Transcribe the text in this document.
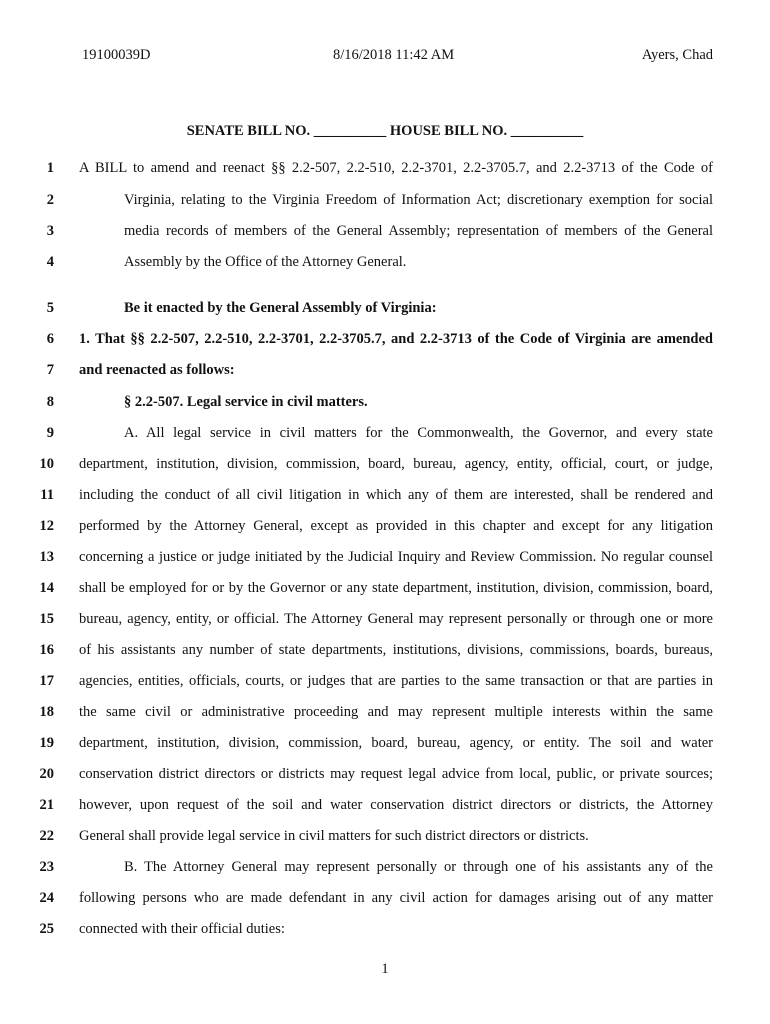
19100039D	8/16/2018 11:42 AM	Ayers, Chad
SENATE BILL NO. __________ HOUSE BILL NO. __________
1 A BILL to amend and reenact §§ 2.2-507, 2.2-510, 2.2-3701, 2.2-3705.7, and 2.2-3713 of the Code of
2	Virginia, relating to the Virginia Freedom of Information Act; discretionary exemption for social
3	media records of members of the General Assembly; representation of members of the General
4	Assembly by the Office of the Attorney General.
5	Be it enacted by the General Assembly of Virginia:
6 1. That §§ 2.2-507, 2.2-510, 2.2-3701, 2.2-3705.7, and 2.2-3713 of the Code of Virginia are amended
7 and reenacted as follows:
8	§ 2.2-507. Legal service in civil matters.
9	A. All legal service in civil matters for the Commonwealth, the Governor, and every state
10 department, institution, division, commission, board, bureau, agency, entity, official, court, or judge,
11 including the conduct of all civil litigation in which any of them are interested, shall be rendered and
12 performed by the Attorney General, except as provided in this chapter and except for any litigation
13 concerning a justice or judge initiated by the Judicial Inquiry and Review Commission. No regular counsel
14 shall be employed for or by the Governor or any state department, institution, division, commission, board,
15 bureau, agency, entity, or official. The Attorney General may represent personally or through one or more
16 of his assistants any number of state departments, institutions, divisions, commissions, boards, bureaus,
17 agencies, entities, officials, courts, or judges that are parties to the same transaction or that are parties in
18 the same civil or administrative proceeding and may represent multiple interests within the same
19 department, institution, division, commission, board, bureau, agency, or entity. The soil and water
20 conservation district directors or districts may request legal advice from local, public, or private sources;
21 however, upon request of the soil and water conservation district directors or districts, the Attorney
22 General shall provide legal service in civil matters for such district directors or districts.
23	B. The Attorney General may represent personally or through one of his assistants any of the
24 following persons who are made defendant in any civil action for damages arising out of any matter
25 connected with their official duties:
1
